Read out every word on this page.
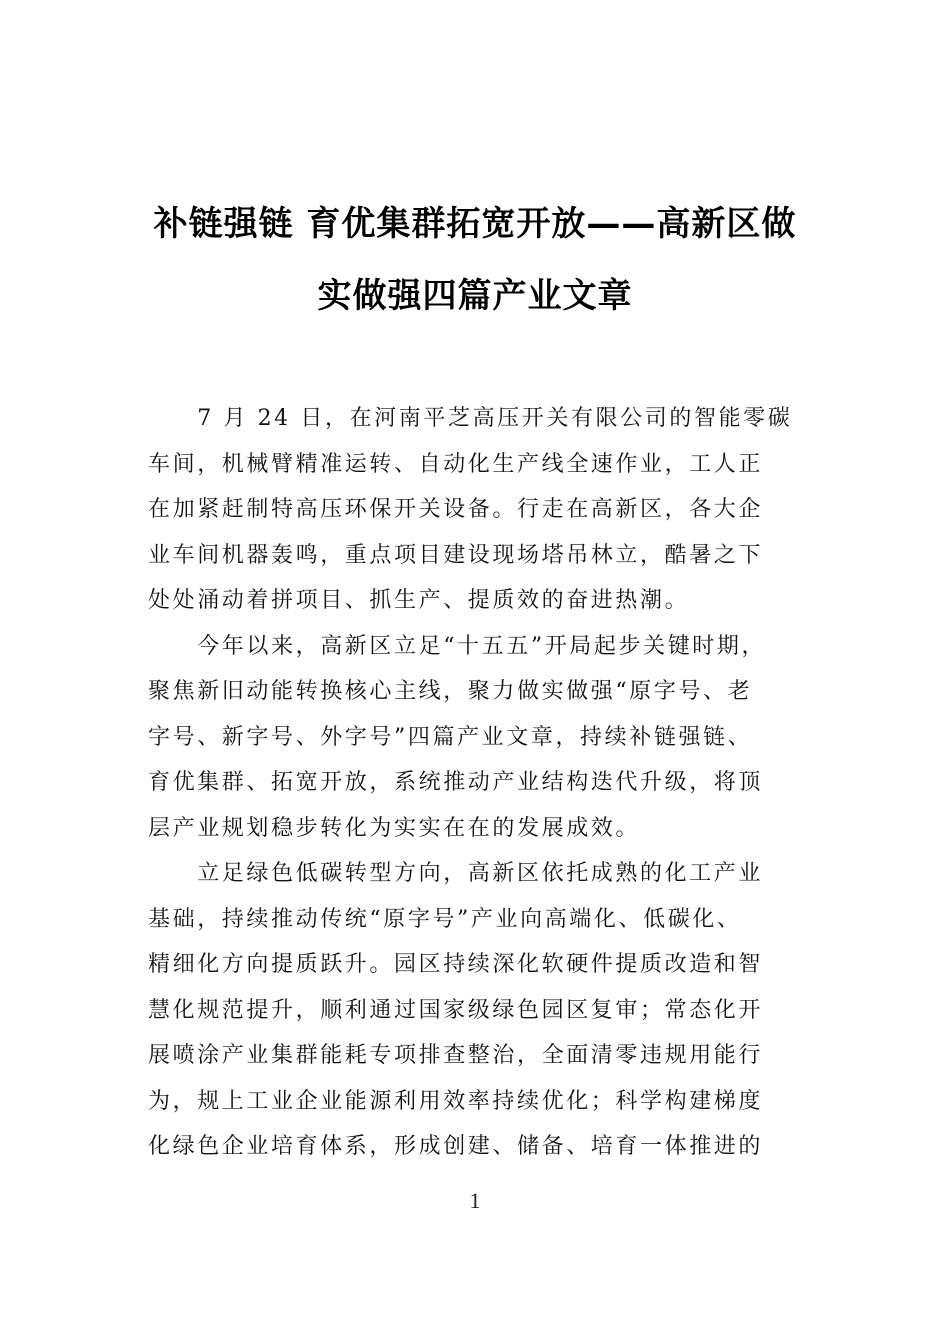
补链强链 育优集群拓宽开放——高新区做
实做强四篇产业文章

　　7 月 24 日，在河南平芝高压开关有限公司的智能零碳
车间，机械臂精准运转、自动化生产线全速作业，工人正
在加紧赶制特高压环保开关设备。行走在高新区，各大企
业车间机器轰鸣，重点项目建设现场塔吊林立，酷暑之下
处处涌动着拼项目、抓生产、提质效的奋进热潮。

　　今年以来，高新区立足“十五五”开局起步关键时期，
聚焦新旧动能转换核心主线，聚力做实做强“原字号、老
字号、新字号、外字号”四篇产业文章，持续补链强链、
育优集群、拓宽开放，系统推动产业结构迭代升级，将顶
层产业规划稳步转化为实实在在的发展成效。

　　立足绿色低碳转型方向，高新区依托成熟的化工产业
基础，持续推动传统“原字号”产业向高端化、低碳化、
精细化方向提质跃升。园区持续深化软硬件提质改造和智
慧化规范提升，顺利通过国家级绿色园区复审；常态化开
展喷涂产业集群能耗专项排查整治，全面清零违规用能行
为，规上工业企业能源利用效率持续优化；科学构建梯度
化绿色企业培育体系，形成创建、储备、培育一体推进的

1
